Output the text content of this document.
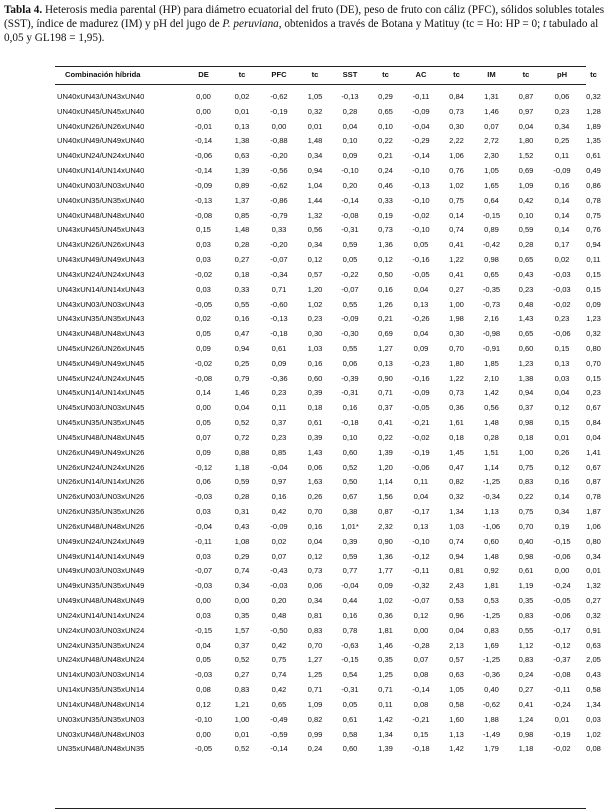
Tabla 4. Heterosis media parental (HP) para diámetro ecuatorial del fruto (DE), peso de fruto con cáliz (PFC), sólidos solubles totales (SST), índice de madurez (IM) y pH del jugo de P. peruviana, obtenidos a través de Botana y Matituy (tc = Ho: HP = 0; t tabulado al 0,05 y GL198 = 1,95).
Combinación híbrida	DE	tc	PFC	tc	SST	tc	AC	tc	IM	tc	pH	tc
UN40xUN43/UN43xUN40	0,00	0,02	-0,62	1,05	-0,13	0,29	-0,11	0,84	1,31	0,87	0,06	0,32
UN40xUN45/UN45xUN40	0,00	0,01	-0,19	0,32	0,28	0,65	-0,09	0,73	1,46	0,97	0,23	1,28
UN40xUN26/UN26xUN40	-0,01	0,13	0,00	0,01	0,04	0,10	-0,04	0,30	0,07	0,04	0,34	1,89
UN40xUN49/UN49xUN40	-0,14	1,38	-0,88	1,48	0,10	0,22	-0,29	2,22	2,72	1,80	0,25	1,35
UN40xUN24/UN24xUN40	-0,06	0,63	-0,20	0,34	0,09	0,21	-0,14	1,06	2,30	1,52	0,11	0,61
UN40xUN14/UN14xUN40	-0,14	1,39	-0,56	0,94	-0,10	0,24	-0,10	0,76	1,05	0,69	-0,09	0,49
UN40xUN03/UN03xUN40	-0,09	0,89	-0,62	1,04	0,20	0,46	-0,13	1,02	1,65	1,09	0,16	0,86
UN40xUN35/UN35xUN40	-0,13	1,37	-0,86	1,44	-0,14	0,33	-0,10	0,75	0,64	0,42	0,14	0,78
UN40xUN48/UN48xUN40	-0,08	0,85	-0,79	1,32	-0,08	0,19	-0,02	0,14	-0,15	0,10	0,14	0,75
UN43xUN45/UN45xUN43	0,15	1,48	0,33	0,56	-0,31	0,73	-0,10	0,74	0,89	0,59	0,14	0,76
UN43xUN26/UN26xUN43	0,03	0,28	-0,20	0,34	0,59	1,36	0,05	0,41	-0,42	0,28	0,17	0,94
UN43xUN49/UN49xUN43	0,03	0,27	-0,07	0,12	0,05	0,12	-0,16	1,22	0,98	0,65	0,02	0,11
UN43xUN24/UN24xUN43	-0,02	0,18	-0,34	0,57	-0,22	0,50	-0,05	0,41	0,65	0,43	-0,03	0,15
UN43xUN14/UN14xUN43	0,03	0,33	0,71	1,20	-0,07	0,16	0,04	0,27	-0,35	0,23	-0,03	0,15
UN43xUN03/UN03xUN43	-0,05	0,55	-0,60	1,02	0,55	1,26	0,13	1,00	-0,73	0,48	-0,02	0,09
UN43xUN35/UN35xUN43	0,02	0,16	-0,13	0,23	-0,09	0,21	-0,26	1,98	2,16	1,43	0,23	1,23
UN43xUN48/UN48xUN43	0,05	0,47	-0,18	0,30	-0,30	0,69	0,04	0,30	-0,98	0,65	-0,06	0,32
UN45xUN26/UN26xUN45	0,09	0,94	0,61	1,03	0,55	1,27	0,09	0,70	-0,91	0,60	0,15	0,80
UN45xUN49/UN49xUN45	-0,02	0,25	0,09	0,16	0,06	0,13	-0,23	1,80	1,85	1,23	0,13	0,70
UN45xUN24/UN24xUN45	-0,08	0,79	-0,36	0,60	-0,39	0,90	-0,16	1,22	2,10	1,38	0,03	0,15
UN45xUN14/UN14xUN45	0,14	1,46	0,23	0,39	-0,31	0,71	-0,09	0,73	1,42	0,94	0,04	0,23
UN45xUN03/UN03xUN45	0,00	0,04	0,11	0,18	0,16	0,37	-0,05	0,36	0,56	0,37	0,12	0,67
UN45xUN35/UN35xUN45	0,05	0,52	0,37	0,61	-0,18	0,41	-0,21	1,61	1,48	0,98	0,15	0,84
UN45xUN48/UN48xUN45	0,07	0,72	0,23	0,39	0,10	0,22	-0,02	0,18	0,28	0,18	0,01	0,04
UN26xUN49/UN49xUN26	0,09	0,88	0,85	1,43	0,60	1,39	-0,19	1,45	1,51	1,00	0,26	1,41
UN26xUN24/UN24xUN26	-0,12	1,18	-0,04	0,06	0,52	1,20	-0,06	0,47	1,14	0,75	0,12	0,67
UN26xUN14/UN14xUN26	0,06	0,59	0,97	1,63	0,50	1,14	0,11	0,82	-1,25	0,83	0,16	0,87
UN26xUN03/UN03xUN26	-0,03	0,28	0,16	0,26	0,67	1,56	0,04	0,32	-0,34	0,22	0,14	0,78
UN26xUN35/UN35xUN26	0,03	0,31	0,42	0,70	0,38	0,87	-0,17	1,34	1,13	0,75	0,34	1,87
UN26xUN48/UN48xUN26	-0,04	0,43	-0,09	0,16	1,01*	2,32	0,13	1,03	-1,06	0,70	0,19	1,06
UN49xUN24/UN24xUN49	-0,11	1,08	0,02	0,04	0,39	0,90	-0,10	0,74	0,60	0,40	-0,15	0,80
UN49xUN14/UN14xUN49	0,03	0,29	0,07	0,12	0,59	1,36	-0,12	0,94	1,48	0,98	-0,06	0,34
UN49xUN03/UN03xUN49	-0,07	0,74	-0,43	0,73	0,77	1,77	-0,11	0,81	0,92	0,61	0,00	0,01
UN49xUN35/UN35xUN49	-0,03	0,34	-0,03	0,06	-0,04	0,09	-0,32	2,43	1,81	1,19	-0,24	1,32
UN49xUN48/UN48xUN49	0,00	0,00	0,20	0,34	0,44	1,02	-0,07	0,53	0,53	0,35	-0,05	0,27
UN24xUN14/UN14xUN24	0,03	0,35	0,48	0,81	0,16	0,36	0,12	0,96	-1,25	0,83	-0,06	0,32
UN24xUN03/UN03xUN24	-0,15	1,57	-0,50	0,83	0,78	1,81	0,00	0,04	0,83	0,55	-0,17	0,91
UN24xUN35/UN35xUN24	0,04	0,37	0,42	0,70	-0,63	1,46	-0,28	2,13	1,69	1,12	-0,12	0,63
UN24xUN48/UN48xUN24	0,05	0,52	0,75	1,27	-0,15	0,35	0,07	0,57	-1,25	0,83	-0,37	2,05
UN14xUN03/UN03xUN14	-0,03	0,27	0,74	1,25	0,54	1,25	0,08	0,63	-0,36	0,24	-0,08	0,43
UN14xUN35/UN35xUN14	0,08	0,83	0,42	0,71	-0,31	0,71	-0,14	1,05	0,40	0,27	-0,11	0,58
UN14xUN48/UN48xUN14	0,12	1,21	0,65	1,09	0,05	0,11	0,08	0,58	-0,62	0,41	-0,24	1,34
UN03xUN35/UN35xUN03	-0,10	1,00	-0,49	0,82	0,61	1,42	-0,21	1,60	1,88	1,24	0,01	0,03
UN03xUN48/UN48xUN03	0,00	0,01	-0,59	0,99	0,58	1,34	0,15	1,13	-1,49	0,98	-0,19	1,02
UN35xUN48/UN48xUN35	-0,05	0,52	-0,14	0,24	0,60	1,39	-0,18	1,42	1,79	1,18	-0,02	0,08
